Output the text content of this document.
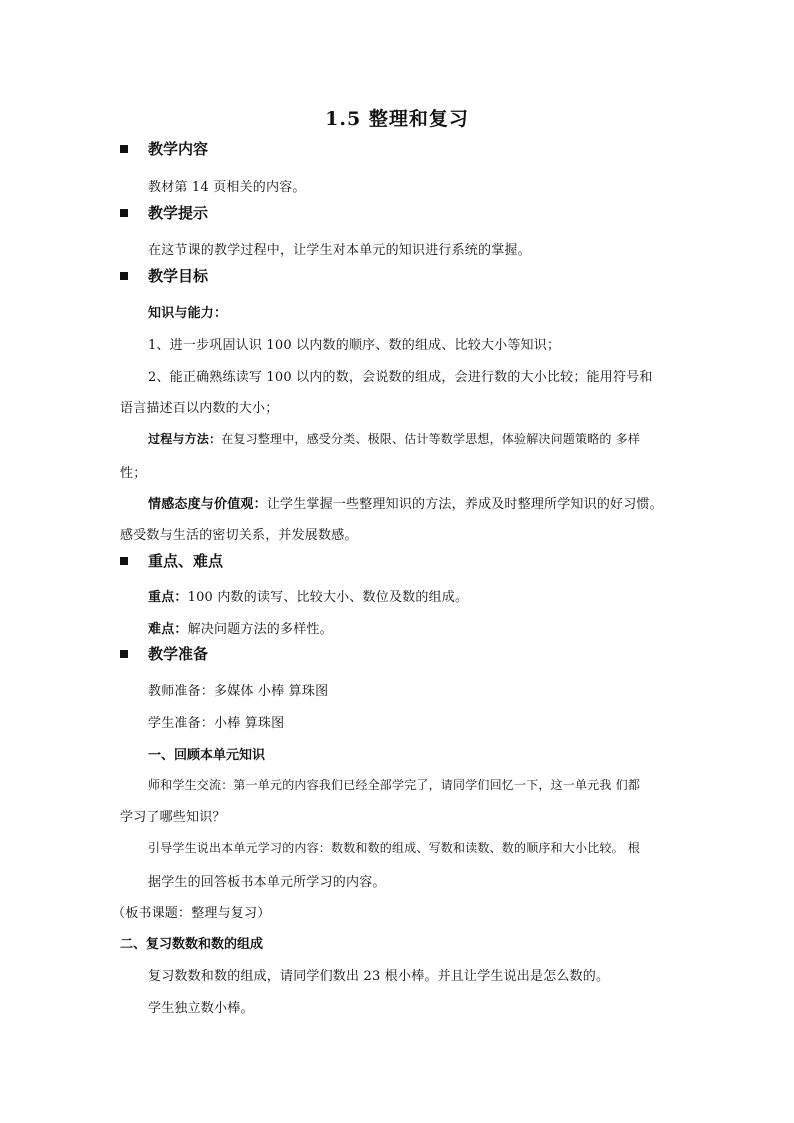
1.5 整理和复习
教学内容
教材第 14 页相关的内容。
教学提示
在这节课的教学过程中，让学生对本单元的知识进行系统的掌握。
教学目标
知识与能力：
1、进一步巩固认识 100 以内数的顺序、数的组成、比较大小等知识；
2、能正确熟练读写 100 以内的数，会说数的组成，会进行数的大小比较；能用符号和
语言描述百以内数的大小；
过程与方法：在复习整理中，感受分类、极限、估计等数学思想，体验解决问题策略的 多样
性；
情感态度与价值观：让学生掌握一些整理知识的方法，养成及时整理所学知识的好习惯。
感受数与生活的密切关系，并发展数感。
重点、难点
重点：100 内数的读写、比较大小、数位及数的组成。
难点：解决问题方法的多样性。
教学准备
教师准备：多媒体 小棒 算珠图
学生准备：小棒 算珠图
一、回顾本单元知识
师和学生交流：第一单元的内容我们已经全部学完了，请同学们回忆一下，这一单元我 们都
学习了哪些知识？
引导学生说出本单元学习的内容：数数和数的组成、写数和读数、数的顺序和大小比较。 根
据学生的回答板书本单元所学习的内容。
（板书课题：整理与复习）
二、复习数数和数的组成
复习数数和数的组成，请同学们数出 23 根小棒。并且让学生说出是怎么数的。
学生独立数小棒。
